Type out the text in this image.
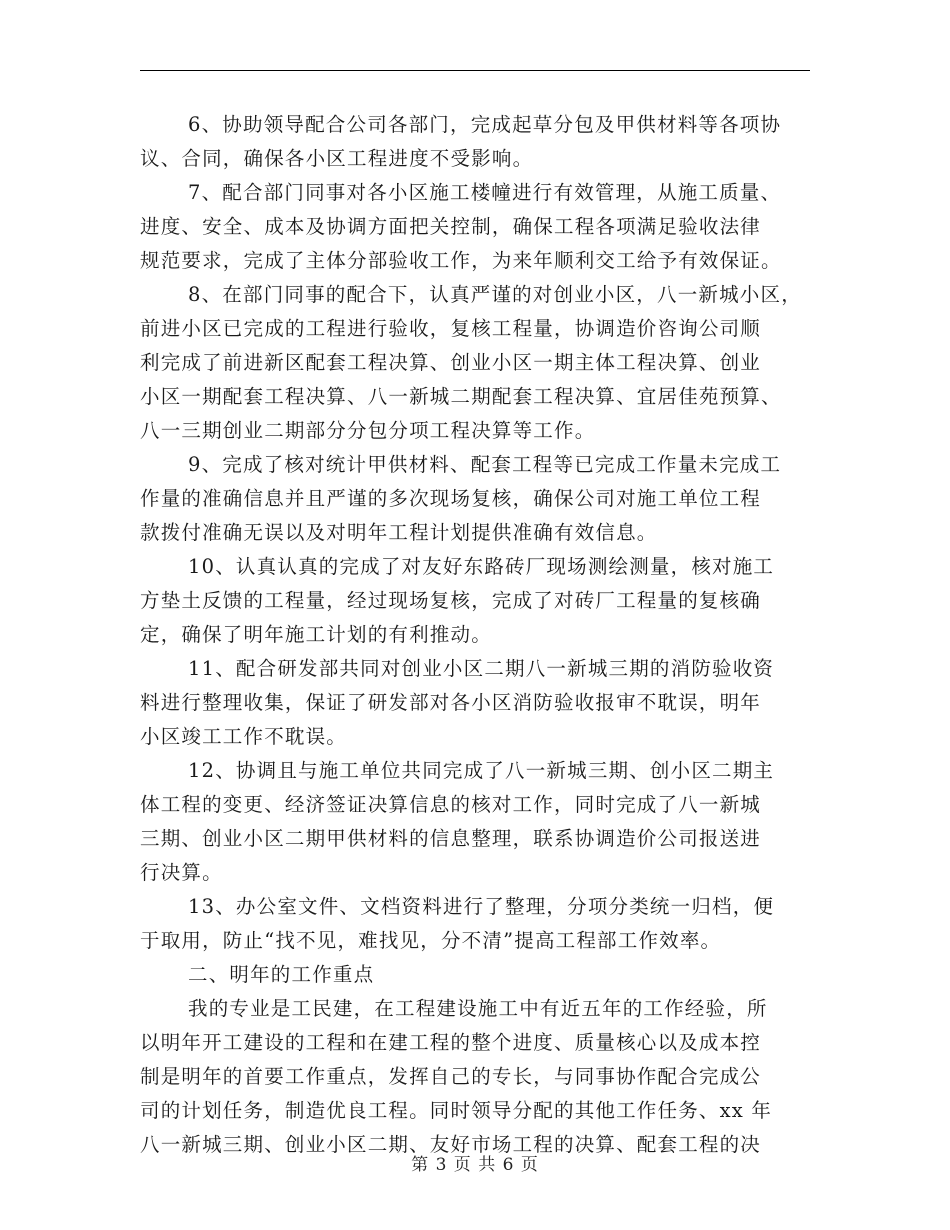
6、协助领导配合公司各部门，完成起草分包及甲供材料等各项协
议、合同，确保各小区工程进度不受影响。

7、配合部门同事对各小区施工楼幢进行有效管理，从施工质量、
进度、安全、成本及协调方面把关控制，确保工程各项满足验收法律
规范要求，完成了主体分部验收工作，为来年顺利交工给予有效保证。

8、在部门同事的配合下，认真严谨的对创业小区，八一新城小区，
前进小区已完成的工程进行验收，复核工程量，协调造价咨询公司顺
利完成了前进新区配套工程决算、创业小区一期主体工程决算、创业
小区一期配套工程决算、八一新城二期配套工程决算、宜居佳苑预算、
八一三期创业二期部分分包分项工程决算等工作。

9、完成了核对统计甲供材料、配套工程等已完成工作量未完成工
作量的准确信息并且严谨的多次现场复核，确保公司对施工单位工程
款拨付准确无误以及对明年工程计划提供准确有效信息。

10、认真认真的完成了对友好东路砖厂现场测绘测量，核对施工
方垫土反馈的工程量，经过现场复核，完成了对砖厂工程量的复核确
定，确保了明年施工计划的有利推动。

11、配合研发部共同对创业小区二期八一新城三期的消防验收资
料进行整理收集，保证了研发部对各小区消防验收报审不耽误，明年
小区竣工工作不耽误。

12、协调且与施工单位共同完成了八一新城三期、创小区二期主
体工程的变更、经济签证决算信息的核对工作，同时完成了八一新城
三期、创业小区二期甲供材料的信息整理，联系协调造价公司报送进
行决算。

13、办公室文件、文档资料进行了整理，分项分类统一归档，便
于取用，防止“找不见，难找见，分不清”提高工程部工作效率。

二、明年的工作重点

我的专业是工民建，在工程建设施工中有近五年的工作经验，所
以明年开工建设的工程和在建工程的整个进度、质量核心以及成本控
制是明年的首要工作重点，发挥自己的专长，与同事协作配合完成公
司的计划任务，制造优良工程。同时领导分配的其他工作任务、xx 年
八一新城三期、创业小区二期、友好市场工程的决算、配套工程的决

第 3 页 共 6 页
